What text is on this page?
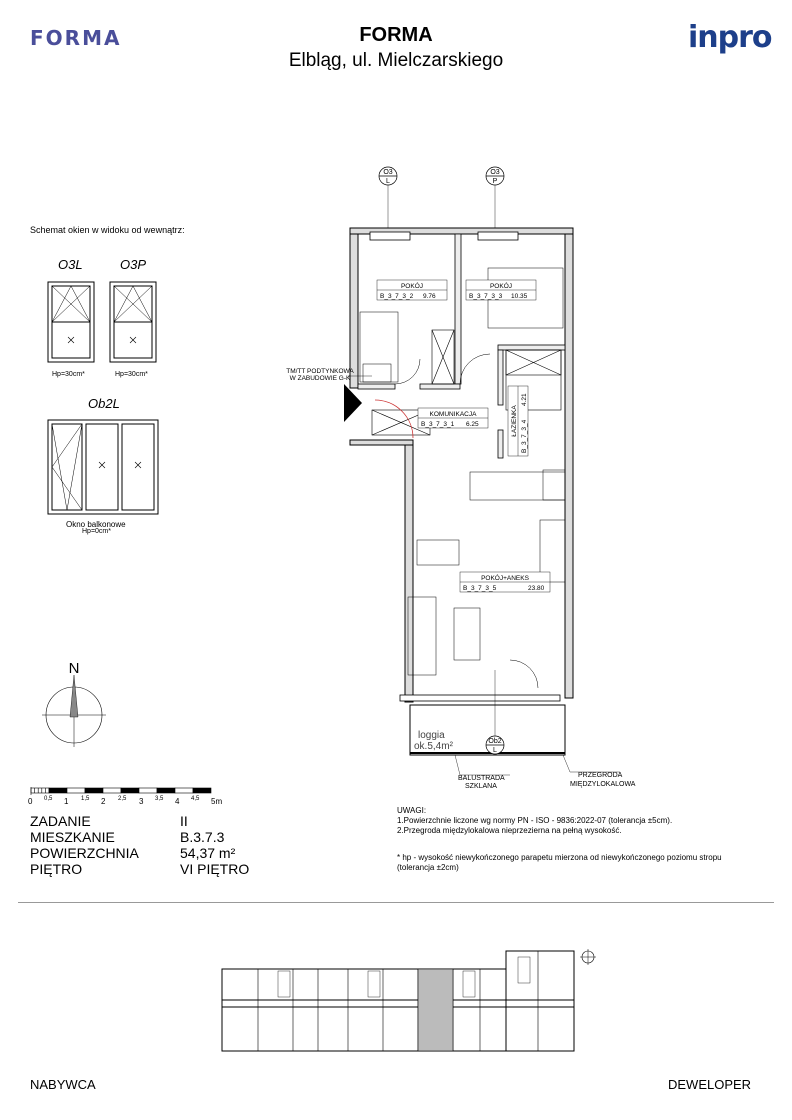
FORMA	FORMA
Elbląg, ul. Mielczarskiego
inpro
Schemat okien w widoku od wewnątrz:
O3L	O3P
Hp=30cm*	Hp=30cm*
Ob2L
Okno balkonowe
Hp=0cm*
N
0 0,5 1 1,5 2 2,5 3 3,5 4 4,5 5m
ZADANIE	II
MIESZKANIE	B.3.7.3
POWIERZCHNIA	54,37 m²
PIĘTRO	VI PIĘTRO
O3
L
O3
P
loggia
ok.5,4m²	Ob2
L
POKÓJ
B_3_7_3_2 9.76
POKÓJ
B_3_7_3_3 10.35
KOMUNIKACJA
B_3_7_3_1 6.25
POKÓJ+ANEKS
B_3_7_3_5	23.80
ŁAZIENKA B_3_7_3_4
4.21
TM/TT PODTYNKOWA
W ZABUDOWIE G-K
BALUSTRADA
SZKLANA
PRZEGRODA
MIĘDZYLOKALOWA
UWAGI:
1.Powierzchnie liczone wg normy PN - ISO - 9836:2022-07 (tolerancja ±5cm).
2.Przegroda międzylokalowa nieprzezierna na pełną wysokość.
* hp - wysokość niewykończonego parapetu mierzona od niewykończonego poziomu stropu
(tolerancja ±2cm)
NABYWCA	DEWELOPER
